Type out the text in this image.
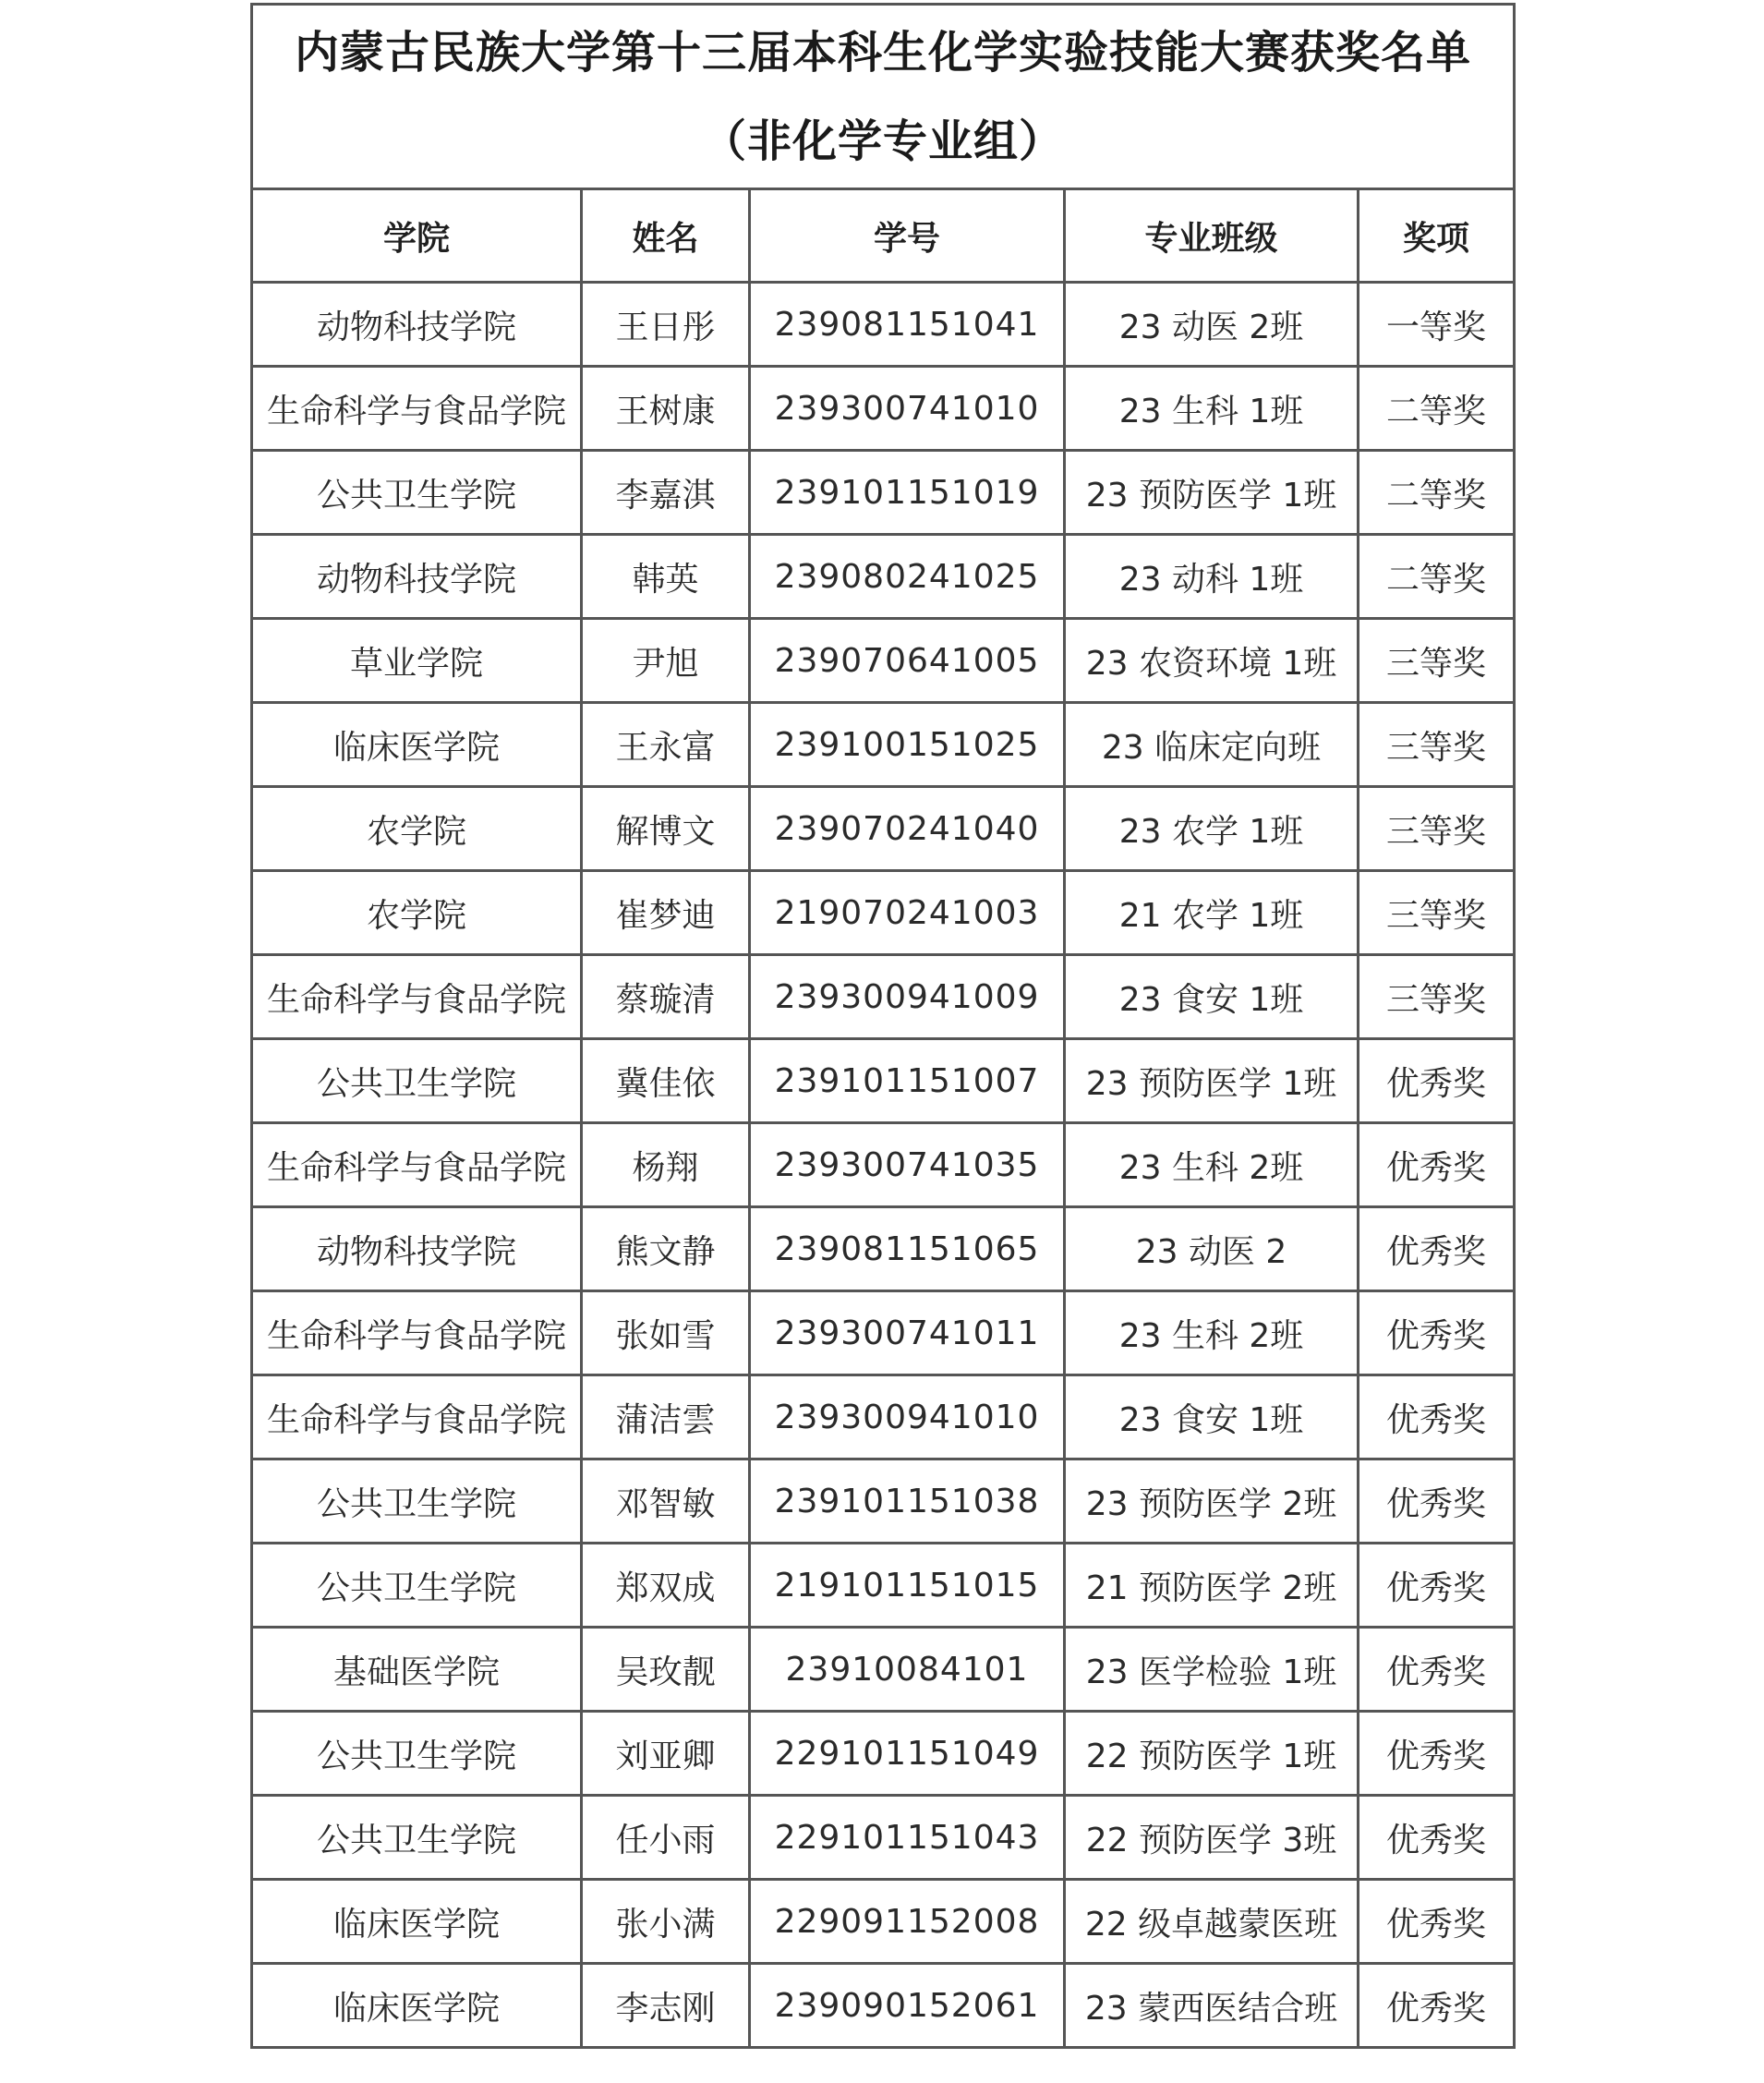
内蒙古民族大学第十三届本科生化学实验技能大赛获奖名单
（非化学专业组）				

学院	姓名	学号	专业班级	奖项
动物科技学院	王日彤	239081151041	23 动医 2班	一等奖
生命科学与食品学院	王树康	239300741010	23 生科 1班	二等奖
公共卫生学院	李嘉淇	239101151019	23 预防医学 1班	二等奖
动物科技学院	韩英	239080241025	23 动科 1班	二等奖
草业学院	尹旭	239070641005	23 农资环境 1班	三等奖
临床医学院	王永富	239100151025	23 临床定向班	三等奖
农学院	解博文	239070241040	23 农学 1班	三等奖
农学院	崔梦迪	219070241003	21 农学 1班	三等奖
生命科学与食品学院	蔡璇清	239300941009	23 食安 1班	三等奖
公共卫生学院	冀佳依	239101151007	23 预防医学 1班	优秀奖
生命科学与食品学院	杨翔	239300741035	23 生科 2班	优秀奖
动物科技学院	熊文静	239081151065	23 动医 2	优秀奖
生命科学与食品学院	张如雪	239300741011	23 生科 2班	优秀奖
生命科学与食品学院	蒲洁雲	239300941010	23 食安 1班	优秀奖
公共卫生学院	邓智敏	239101151038	23 预防医学 2班	优秀奖
公共卫生学院	郑双成	219101151015	21 预防医学 2班	优秀奖
基础医学院	吴玫靓	23910084101	23 医学检验 1班	优秀奖
公共卫生学院	刘亚卿	229101151049	22 预防医学 1班	优秀奖
公共卫生学院	任小雨	229101151043	22 预防医学 3班	优秀奖
临床医学院	张小满	229091152008	22 级卓越蒙医班	优秀奖
临床医学院	李志刚	239090152061	23 蒙西医结合班	优秀奖
